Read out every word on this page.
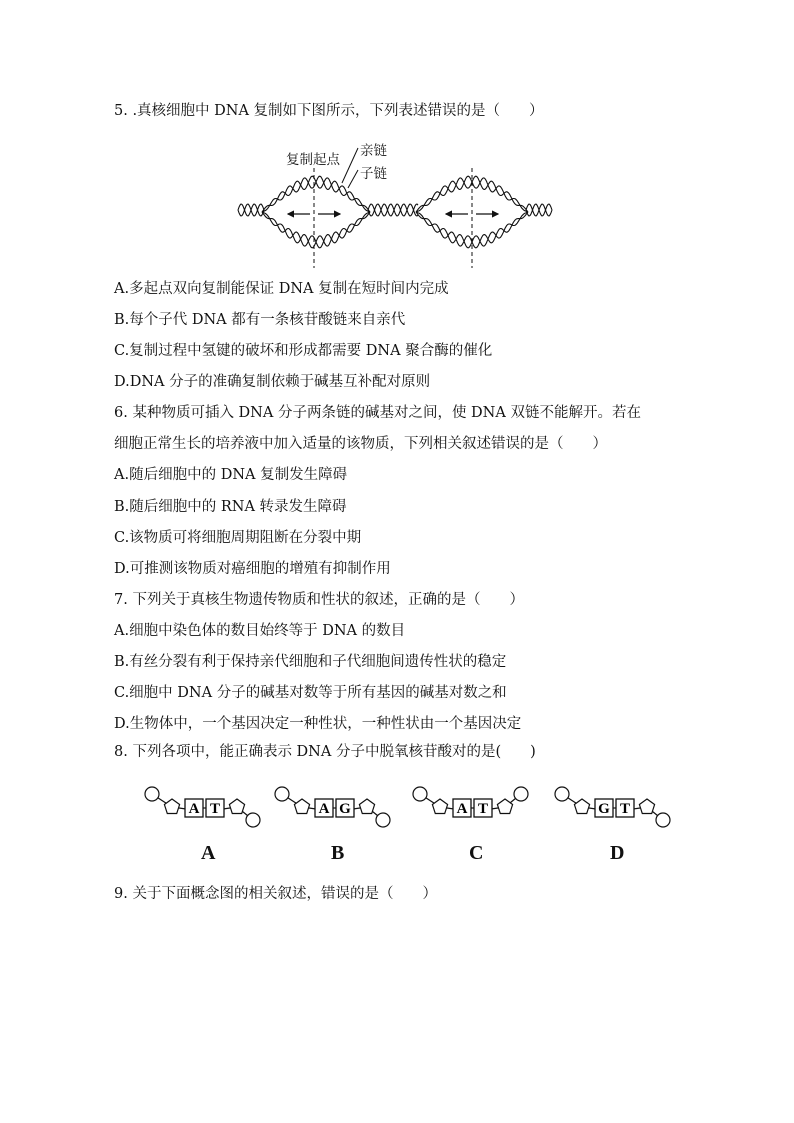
5. .真核细胞中 DNA 复制如下图所示，下列表述错误的是（　　）
复制起点
亲链
子链
A.多起点双向复制能保证 DNA 复制在短时间内完成
B.每个子代 DNA 都有一条核苷酸链来自亲代
C.复制过程中氢键的破坏和形成都需要 DNA 聚合酶的催化
D.DNA 分子的准确复制依赖于碱基互补配对原则
6. 某种物质可插入 DNA 分子两条链的碱基对之间，使 DNA 双链不能解开。若在
细胞正常生长的培养液中加入适量的该物质，下列相关叙述错误的是（　　）
A.随后细胞中的 DNA 复制发生障碍
B.随后细胞中的 RNA 转录发生障碍
C.该物质可将细胞周期阻断在分裂中期
D.可推测该物质对癌细胞的增殖有抑制作用
7. 下列关于真核生物遗传物质和性状的叙述，正确的是（　　）
A.细胞中染色体的数目始终等于 DNA 的数目
B.有丝分裂有利于保持亲代细胞和子代细胞间遗传性状的稳定
C.细胞中 DNA 分子的碱基对数等于所有基因的碱基对数之和
D.生物体中，一个基因决定一种性状，一种性状由一个基因决定
8. 下列各项中，能正确表示 DNA 分子中脱氧核苷酸对的是(　　)
A T	A G	A T	G T
A	B	C	D
9. 关于下面概念图的相关叙述，错误的是（　　）
